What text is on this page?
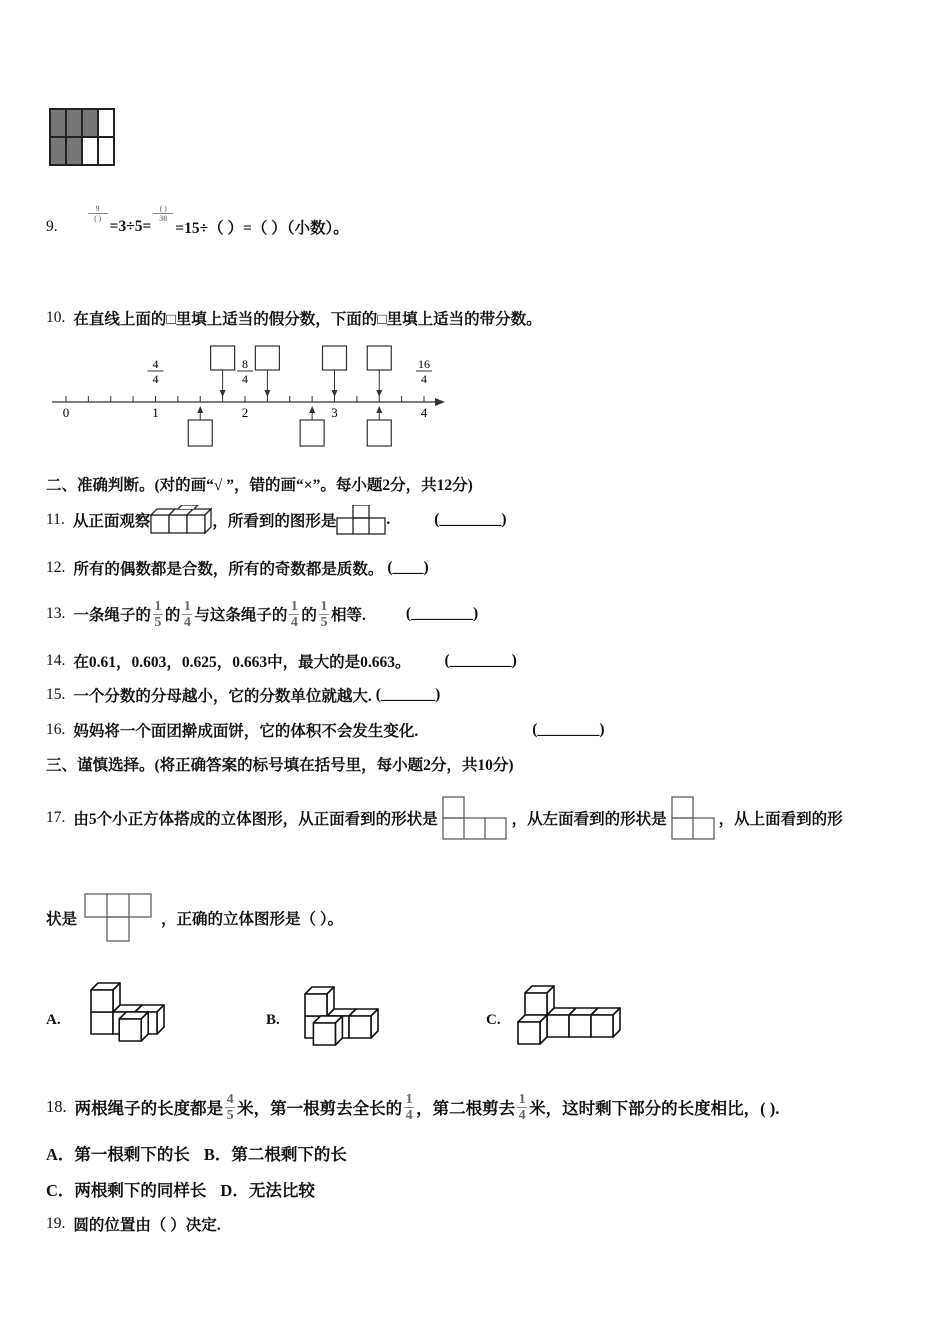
9.
$\frac{9}{( )}$
=3÷5=
$\frac{( )}{30}$
=15÷（ ）=（ ）（小数）。
10. 在直线上面的□里填上适当的假分数，下面的□里填上适当的带分数。
0	1	2	3	4
4
4
8
4
16
4
二、准确判断。(对的画“√ ”，错的画“×”。每小题2分，共12分)
11. 从正面观察	，所看到的图形是	.	(________)
12. 所有的偶数都是合数，所有的奇数都是质数。 (____)
13. 一条绳子的 $\frac{1}{5}$ 的 $\frac{1}{4}$ 与这条绳子的 $\frac{1}{4}$ 的 $\frac{1}{5}$ 相等.	(________)
14. 在0.61，0.603，0.625，0.663中，最大的是0.663。 (________)
15. 一个分数的分母越小，它的分数单位就越大. (_______)
16. 妈妈将一个面团擀成面饼，它的体积不会发生变化.	(________)
三、谨慎选择。(将正确答案的标号填在括号里，每小题2分，共10分)
17. 由5个小正方体搭成的立体图形，从正面看到的形状是	，从左面看到的形状是	，从上面看到的形
状是	，正确的立体图形是（ ）。
A.	B.	C.
18. 两根绳子的长度都是 $\frac{4}{5}$ 米，第一根剪去全长的 $\frac{1}{4}$ ，第二根剪去 $\frac{1}{4}$ 米，这时剩下部分的长度相比，( ).
A．第一根剩下的长 B．第二根剩下的长
C．两根剩下的同样长 D．无法比较
19. 圆的位置由（ ）决定.
